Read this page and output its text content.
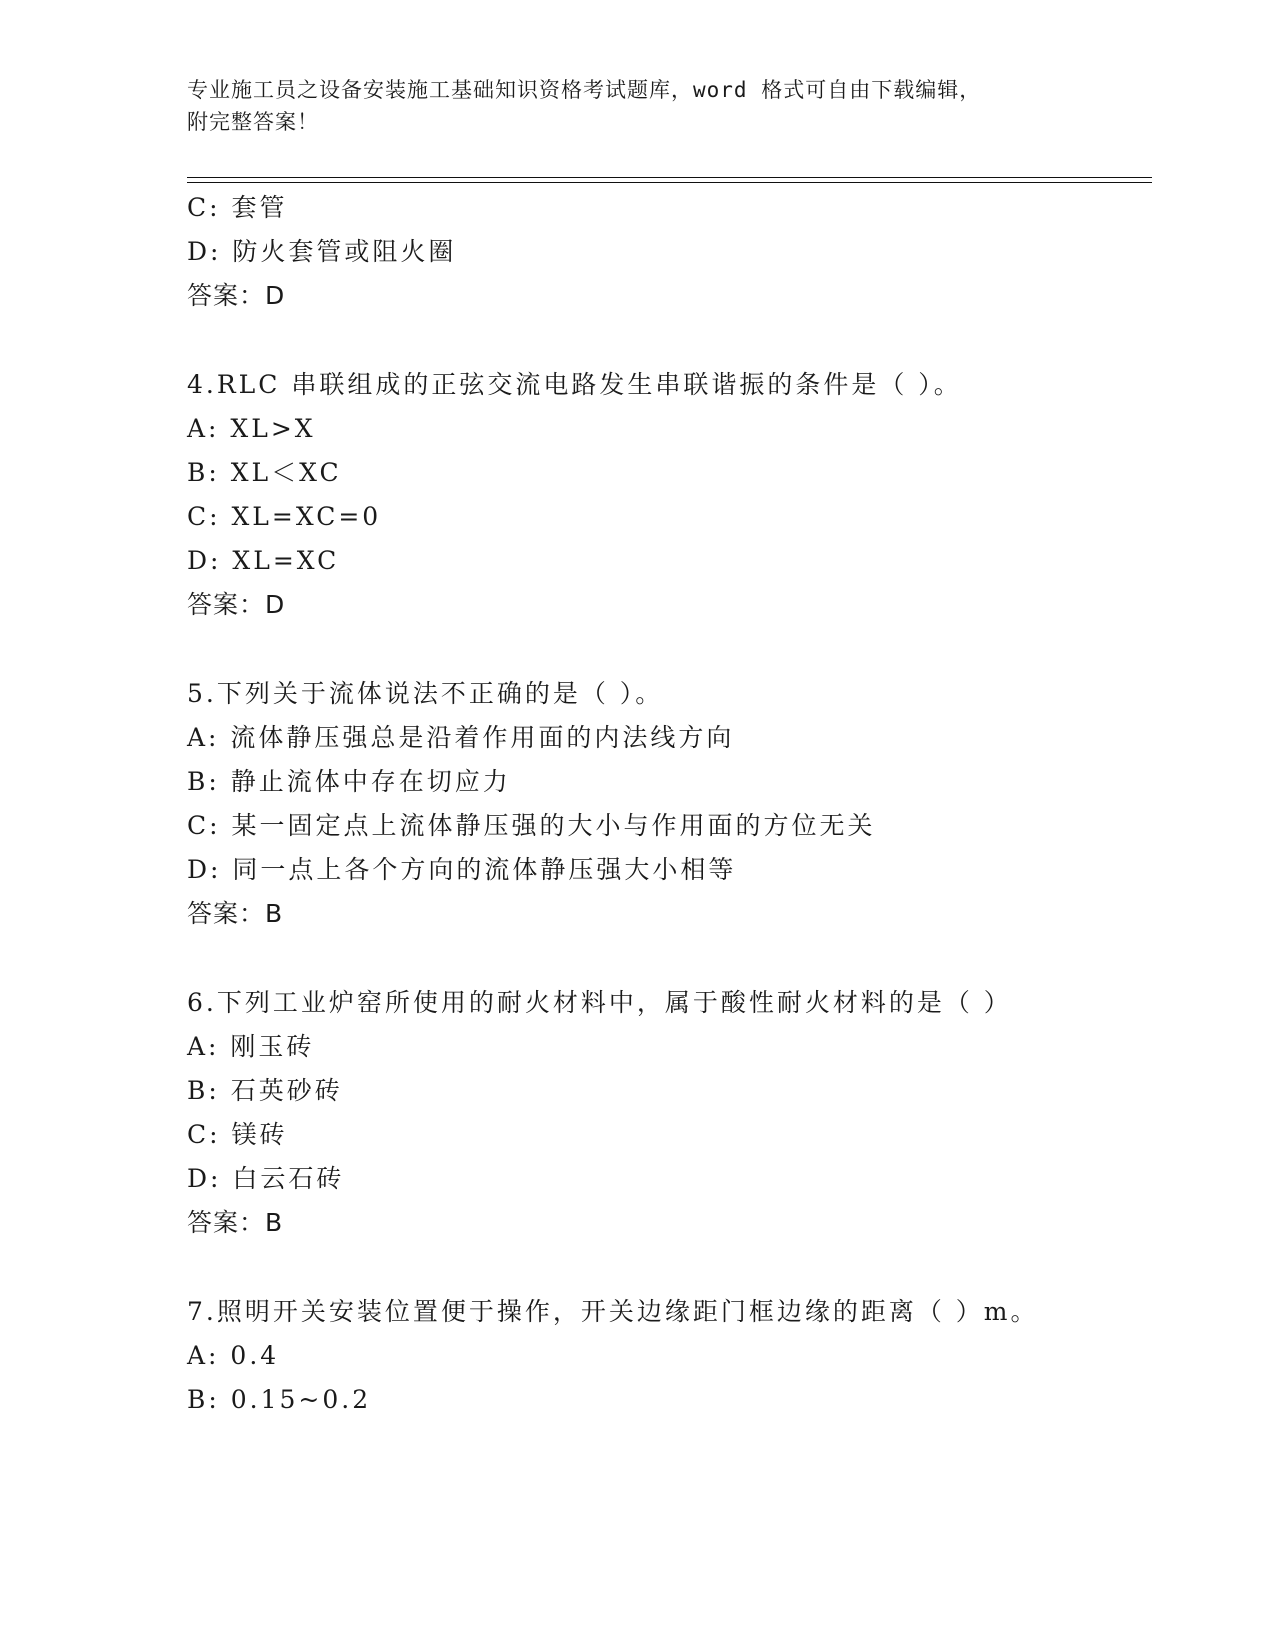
专业施工员之设备安装施工基础知识资格考试题库，word 格式可自由下载编辑，
附完整答案！
C: 套管
D: 防火套管或阻火圈
答案：D
4.RLC 串联组成的正弦交流电路发生串联谐振的条件是（ ）。
A: XL>X
B: XL＜XC
C: XL=XC=0
D: XL=XC
答案：D
5.下列关于流体说法不正确的是（ ）。
A: 流体静压强总是沿着作用面的内法线方向
B: 静止流体中存在切应力
C: 某一固定点上流体静压强的大小与作用面的方位无关
D: 同一点上各个方向的流体静压强大小相等
答案：B
6.下列工业炉窑所使用的耐火材料中，属于酸性耐火材料的是（ ）
A: 刚玉砖
B: 石英砂砖
C: 镁砖
D: 白云石砖
答案：B
7.照明开关安装位置便于操作，开关边缘距门框边缘的距离（ ）m。
A: 0.4
B: 0.15~0.2
